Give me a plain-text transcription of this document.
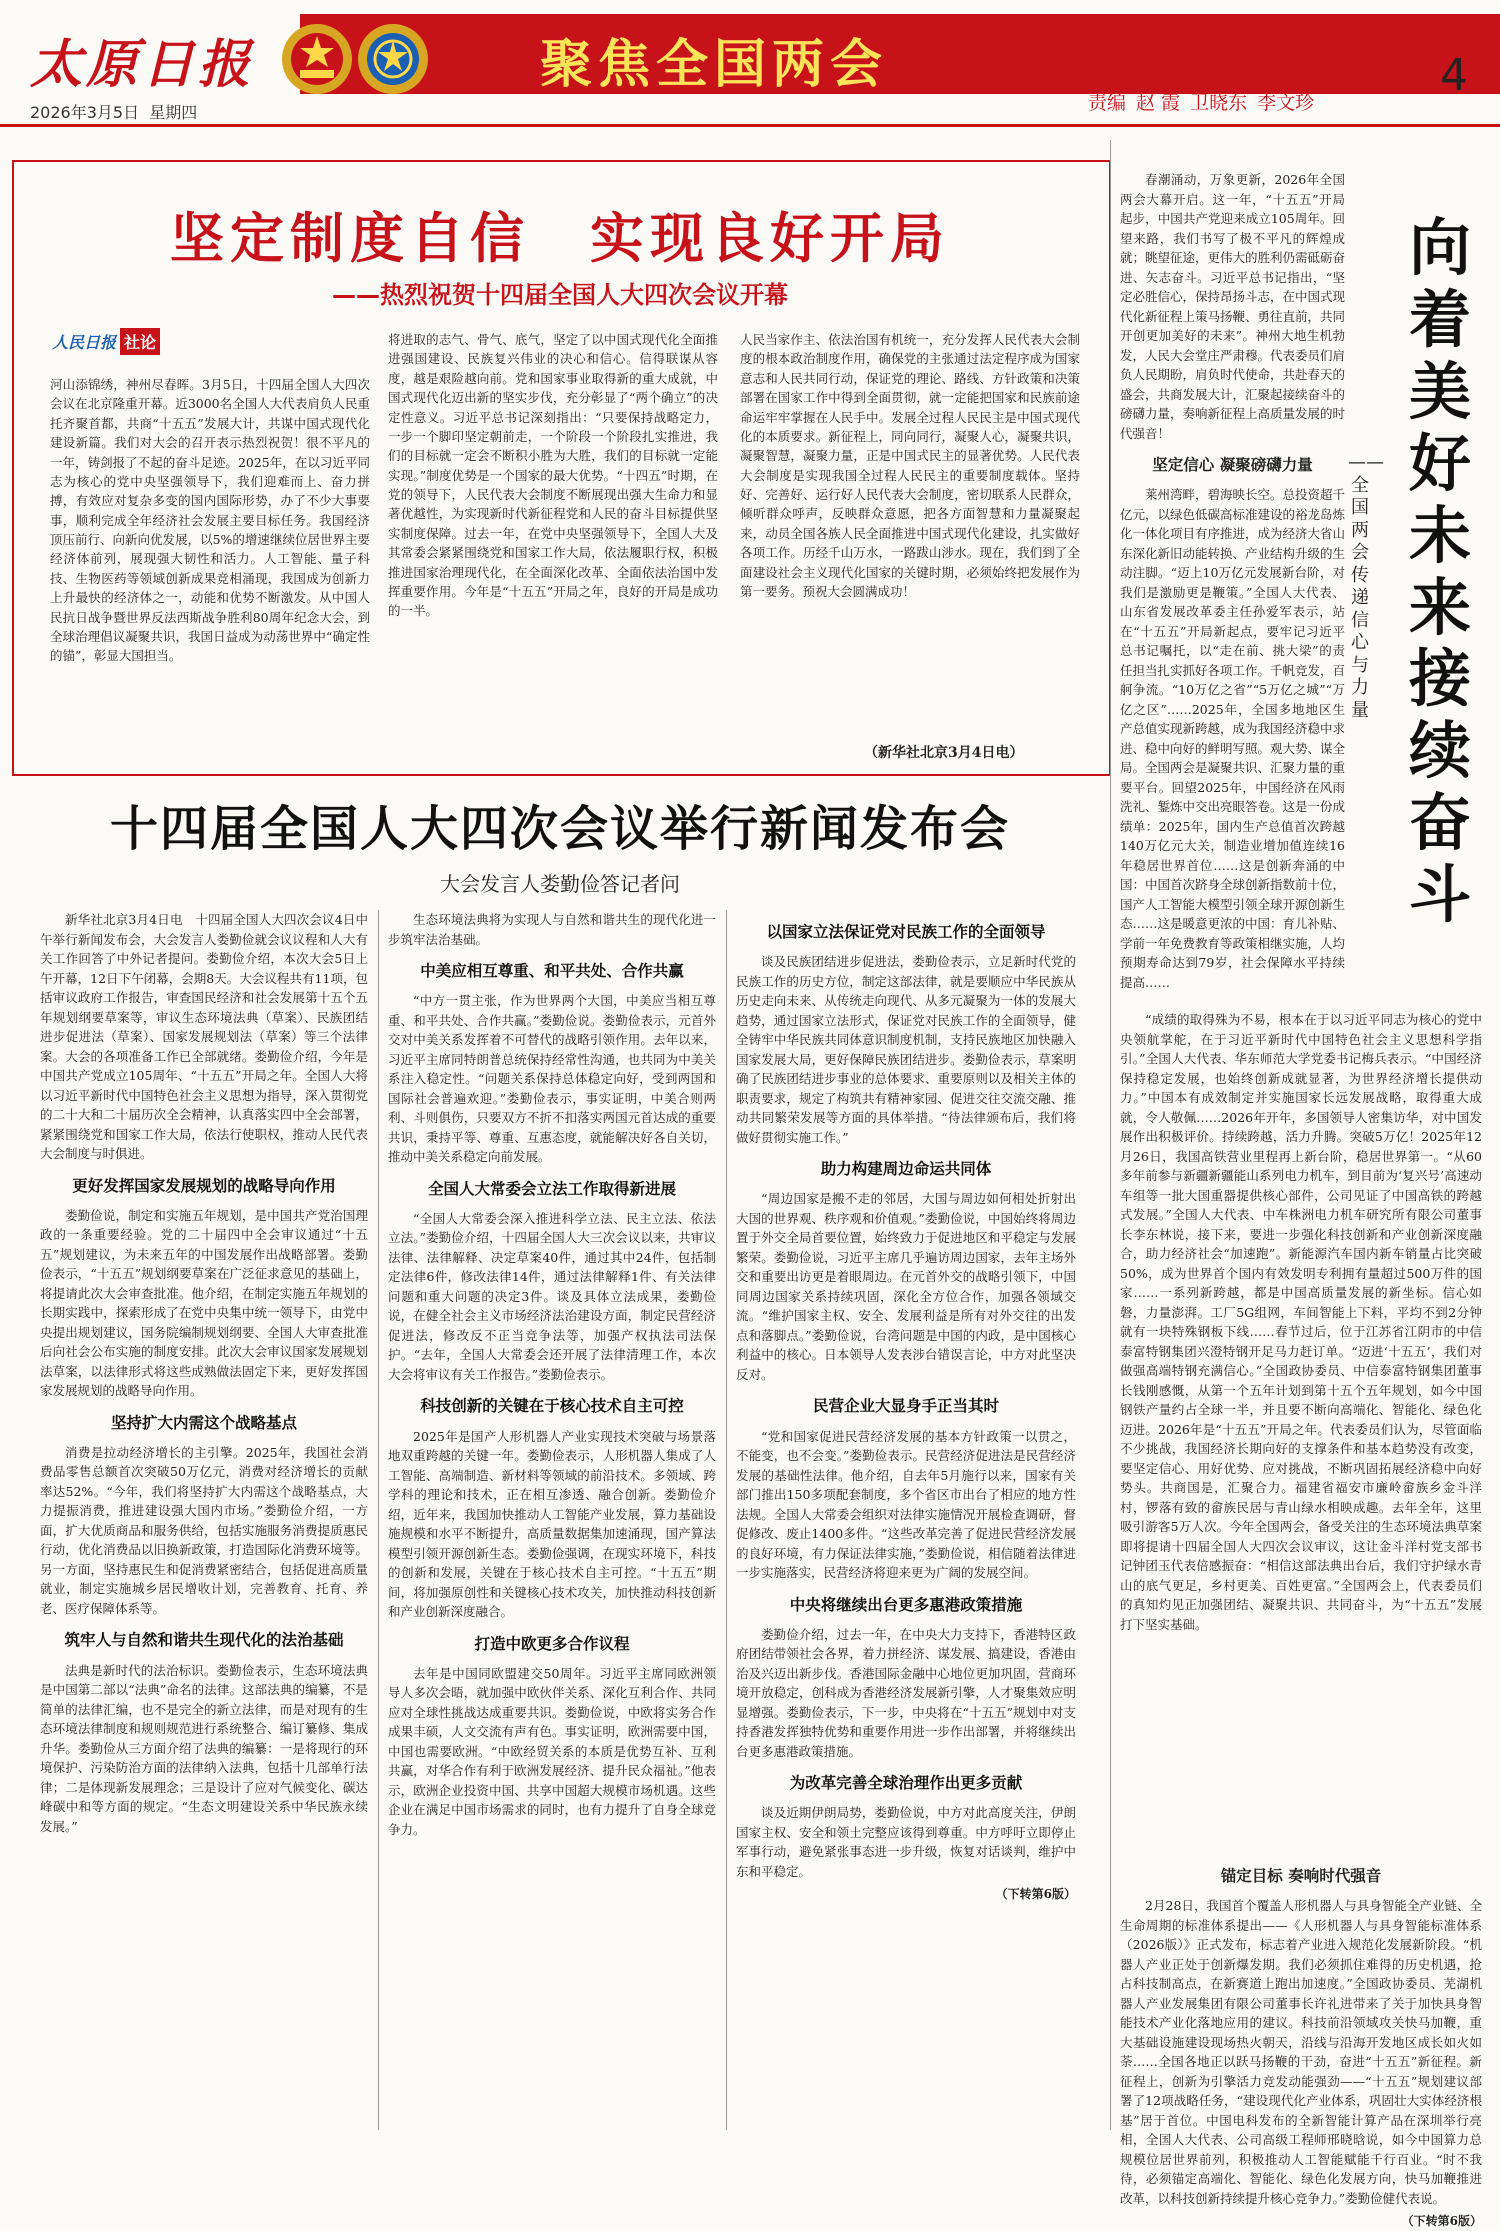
太原日报	聚焦全国两会
2026年3月5日 星期四	责编 赵 霞 卫晓东 李文珍
4
坚定制度自信　实现良好开局
——热烈祝贺十四届全国人大四次会议开幕
人民日报 社论
河山添锦绣，神州尽春晖。3月5日，十四届全国人大四次会议在北京隆重开幕。近3000名全国人大代表肩负人民重托齐聚首都，共商“十五五”发展大计，共谋中国式现代化建设新篇。我们对大会的召开表示热烈祝贺！很不平凡的一年，铸剑报了不起的奋斗足迹。2025年，在以习近平同志为核心的党中央坚强领导下，我们迎难而上、奋力拼搏，有效应对复杂多变的国内国际形势，办了不少大事要事，顺利完成全年经济社会发展主要目标任务。我国经济顶压前行、向新向优发展，以5%的增速继续位居世界主要经济体前列，展现强大韧性和活力。人工智能、量子科技、生物医药等领域创新成果竞相涌现，我国成为创新力上升最快的经济体之一，动能和优势不断激发。从中国人民抗日战争暨世界反法西斯战争胜利80周年纪念大会，到全球治理倡议凝聚共识，我国日益成为动荡世界中“确定性的锚”，彰显大国担当。
将进取的志气、骨气、底气，坚定了以中国式现代化全面推进强国建设、民族复兴伟业的决心和信心。信得联谋从容度，越是艰险越向前。党和国家事业取得新的重大成就，中国式现代化迈出新的坚实步伐，充分彰显了“两个确立”的决定性意义。习近平总书记深刻指出：“只要保持战略定力，一步一个脚印坚定朝前走，一个阶段一个阶段扎实推进，我们的目标就一定会不断积小胜为大胜，我们的目标就一定能实现。”制度优势是一个国家的最大优势。“十四五”时期，在党的领导下，人民代表大会制度不断展现出强大生命力和显著优越性，为实现新时代新征程党和人民的奋斗目标提供坚实制度保障。过去一年，在党中央坚强领导下，全国人大及其常委会紧紧围绕党和国家工作大局，依法履职行权，积极推进国家治理现代化，在全面深化改革、全面依法治国中发挥重要作用。今年是“十五五”开局之年，良好的开局是成功的一半。
人民当家作主、依法治国有机统一，充分发挥人民代表大会制度的根本政治制度作用，确保党的主张通过法定程序成为国家意志和人民共同行动，保证党的理论、路线、方针政策和决策部署在国家工作中得到全面贯彻，就一定能把国家和民族前途命运牢牢掌握在人民手中。发展全过程人民民主是中国式现代化的本质要求。新征程上，同向同行，凝聚人心，凝聚共识，凝聚智慧，凝聚力量，正是中国式民主的显著优势。人民代表大会制度是实现我国全过程人民民主的重要制度载体。坚持好、完善好、运行好人民代表大会制度，密切联系人民群众，倾听群众呼声，反映群众意愿，把各方面智慧和力量凝聚起来，动员全国各族人民全面推进中国式现代化建设，扎实做好各项工作。历经千山万水，一路跋山涉水。现在，我们到了全面建设社会主义现代化国家的关键时期，必须始终把发展作为第一要务。预祝大会圆满成功！
（新华社北京3月4日电）
十四届全国人大四次会议举行新闻发布会
大会发言人娄勤俭答记者问

新华社北京3月4日电　十四届全国人大四次会议4日中午举行新闻发布会，大会发言人娄勤俭就会议议程和人大有关工作回答了中外记者提问。娄勤俭介绍，本次大会5日上午开幕，12日下午闭幕，会期8天。大会议程共有11项，包括审议政府工作报告，审查国民经济和社会发展第十五个五年规划纲要草案等，审议生态环境法典（草案）、民族团结进步促进法（草案）、国家发展规划法（草案）等三个法律案。大会的各项准备工作已全部就绪。娄勤俭介绍，今年是中国共产党成立105周年、“十五五”开局之年。全国人大将以习近平新时代中国特色社会主义思想为指导，深入贯彻党的二十大和二十届历次全会精神，认真落实四中全会部署，紧紧围绕党和国家工作大局，依法行使职权，推动人民代表大会制度与时俱进。

更好发挥国家发展规划的战略导向作用

娄勤俭说，制定和实施五年规划，是中国共产党治国理政的一条重要经验。党的二十届四中全会审议通过“十五五”规划建议，为未来五年的中国发展作出战略部署。娄勤俭表示，“十五五”规划纲要草案在广泛征求意见的基础上，将提请此次大会审查批准。他介绍，在制定实施五年规划的长期实践中，探索形成了在党中央集中统一领导下，由党中央提出规划建议，国务院编制规划纲要、全国人大审查批准后向社会公布实施的制度安排。此次大会审议国家发展规划法草案，以法律形式将这些成熟做法固定下来，更好发挥国家发展规划的战略导向作用。

坚持扩大内需这个战略基点

消费是拉动经济增长的主引擎。2025年，我国社会消费品零售总额首次突破50万亿元，消费对经济增长的贡献率达52%。“今年，我们将坚持扩大内需这个战略基点，大力提振消费，推进建设强大国内市场。”娄勤俭介绍，一方面，扩大优质商品和服务供给，包括实施服务消费提质惠民行动，优化消费品以旧换新政策，打造国际化消费环境等。另一方面，坚持惠民生和促消费紧密结合，包括促进高质量就业，制定实施城乡居民增收计划，完善教育、托育、养老、医疗保障体系等。

筑牢人与自然和谐共生现代化的法治基础

法典是新时代的法治标识。娄勤俭表示，生态环境法典是中国第二部以“法典”命名的法律。这部法典的编纂，不是简单的法律汇编，也不是完全的新立法律，而是对现有的生态环境法律制度和规则规范进行系统整合、编订纂修、集成升华。娄勤俭从三方面介绍了法典的编纂：一是将现行的环境保护、污染防治方面的法律纳入法典，包括十几部单行法律；二是体现新发展理念；三是设计了应对气候变化、碳达峰碳中和等方面的规定。“生态文明建设关系中华民族永续发展。”

生态环境法典将为实现人与自然和谐共生的现代化进一步筑牢法治基础。

中美应相互尊重、和平共处、合作共赢

“中方一贯主张，作为世界两个大国，中美应当相互尊重、和平共处、合作共赢。”娄勤俭说。娄勤俭表示，元首外交对中美关系发挥着不可替代的战略引领作用。去年以来，习近平主席同特朗普总统保持经常性沟通，也共同为中美关系注入稳定性。“问题关系保持总体稳定向好，受到两国和国际社会普遍欢迎。”娄勤俭表示，事实证明，中美合则两利、斗则俱伤，只要双方不折不扣落实两国元首达成的重要共识，秉持平等、尊重、互惠态度，就能解决好各自关切，推动中美关系稳定向前发展。

全国人大常委会立法工作取得新进展

“全国人大常委会深入推进科学立法、民主立法、依法立法。”娄勤俭介绍，十四届全国人大三次会议以来，共审议法律、法律解释、决定草案40件，通过其中24件，包括制定法律6件，修改法律14件，通过法律解释1件、有关法律问题和重大问题的决定3件。谈及具体立法成果，娄勤俭说，在健全社会主义市场经济法治建设方面，制定民营经济促进法，修改反不正当竞争法等，加强产权执法司法保护。“去年，全国人大常委会还开展了法律清理工作，本次大会将审议有关工作报告。”娄勤俭表示。

科技创新的关键在于核心技术自主可控

2025年是国产人形机器人产业实现技术突破与场景落地双重跨越的关键一年。娄勤俭表示，人形机器人集成了人工智能、高端制造、新材料等领域的前沿技术。多领域、跨学科的理论和技术，正在相互渗透、融合创新。娄勤俭介绍，近年来，我国加快推动人工智能产业发展，算力基础设施规模和水平不断提升，高质量数据集加速涌现，国产算法模型引领开源创新生态。娄勤俭强调，在现实环境下，科技的创新和发展，关键在于核心技术自主可控。“十五五”期间，将加强原创性和关键核心技术攻关，加快推动科技创新和产业创新深度融合。

打造中欧更多合作议程

去年是中国同欧盟建交50周年。习近平主席同欧洲领导人多次会晤，就加强中欧伙伴关系、深化互利合作、共同应对全球性挑战达成重要共识。娄勤俭说，中欧将实务合作成果丰硕，人文交流有声有色。事实证明，欧洲需要中国，中国也需要欧洲。“中欧经贸关系的本质是优势互补、互利共赢，对华合作有利于欧洲发展经济、提升民众福祉。”他表示，欧洲企业投资中国、共享中国超大规模市场机遇。这些企业在满足中国市场需求的同时，也有力提升了自身全球竞争力。

以国家立法保证党对民族工作的全面领导

谈及民族团结进步促进法，娄勤俭表示，立足新时代党的民族工作的历史方位，制定这部法律，就是要顺应中华民族从历史走向未来、从传统走向现代、从多元凝聚为一体的发展大趋势，通过国家立法形式，保证党对民族工作的全面领导，健全铸牢中华民族共同体意识制度机制，支持民族地区加快融入国家发展大局，更好保障民族团结进步。娄勤俭表示，草案明确了民族团结进步事业的总体要求、重要原则以及相关主体的职责要求，规定了构筑共有精神家园、促进交往交流交融、推动共同繁荣发展等方面的具体举措。“待法律颁布后，我们将做好贯彻实施工作。”

助力构建周边命运共同体

“周边国家是搬不走的邻居，大国与周边如何相处折射出大国的世界观、秩序观和价值观。”娄勤俭说，中国始终将周边置于外交全局首要位置，始终致力于促进地区和平稳定与发展繁荣。娄勤俭说，习近平主席几乎遍访周边国家，去年主场外交和重要出访更是着眼周边。在元首外交的战略引领下，中国同周边国家关系持续巩固，深化全方位合作，加强各领域交流。“维护国家主权、安全、发展利益是所有对外交往的出发点和落脚点。”娄勤俭说，台湾问题是中国的内政，是中国核心利益中的核心。日本领导人发表涉台错误言论，中方对此坚决反对。

民营企业大显身手正当其时

“党和国家促进民营经济发展的基本方针政策一以贯之，不能变，也不会变。”娄勤俭表示。民营经济促进法是民营经济发展的基础性法律。他介绍，自去年5月施行以来，国家有关部门推出150多项配套制度，多个省区市出台了相应的地方性法规。全国人大常委会组织对法律实施情况开展检查调研，督促修改、废止1400多件。“这些改革完善了促进民营经济发展的良好环境，有力保证法律实施，”娄勤俭说，相信随着法律进一步实施落实，民营经济将迎来更为广阔的发展空间。

中央将继续出台更多惠港政策措施

娄勤俭介绍，过去一年，在中央大力支持下，香港特区政府团结带领社会各界，着力拼经济、谋发展、搞建设，香港由治及兴迈出新步伐。香港国际金融中心地位更加巩固，营商环境开放稳定，创科成为香港经济发展新引擎，人才聚集效应明显增强。娄勤俭表示，下一步，中央将在“十五五”规划中对支持香港发挥独特优势和重要作用进一步作出部署，并将继续出台更多惠港政策措施。

为改革完善全球治理作出更多贡献

谈及近期伊朗局势，娄勤俭说，中方对此高度关注，伊朗国家主权、安全和领土完整应该得到尊重。中方呼吁立即停止军事行动，避免紧张事态进一步升级，恢复对话谈判，维护中东和平稳定。

（下转第6版）
向
着
美
好
未
来
接
续
奋
斗
——全国两会传递信心与力量

春潮涌动，万象更新，2026年全国两会大幕开启。这一年，“十五五”开局起步，中国共产党迎来成立105周年。回望来路，我们书写了极不平凡的辉煌成就；眺望征途，更伟大的胜利仍需砥砺奋进、矢志奋斗。习近平总书记指出，“坚定必胜信心，保持昂扬斗志，在中国式现代化新征程上策马扬鞭、勇往直前，共同开创更加美好的未来”。神州大地生机勃发，人民大会堂庄严肃穆。代表委员们肩负人民期盼，肩负时代使命，共赴春天的盛会，共商发展大计，汇聚起接续奋斗的磅礴力量，奏响新征程上高质量发展的时代强音！

坚定信心 凝聚磅礴力量

莱州湾畔，碧海映长空。总投资超千亿元，以绿色低碳高标准建设的裕龙岛炼化一体化项目有序推进，成为经济大省山东深化新旧动能转换、产业结构升级的生动注脚。“迈上10万亿元发展新台阶，对我们是激励更是鞭策。”全国人大代表、山东省发展改革委主任孙爱军表示，站在“十五五”开局新起点，要牢记习近平总书记嘱托，以“走在前、挑大梁”的责任担当扎实抓好各项工作。千帆竞发，百舸争流。“10万亿之省”“5万亿之城”“万亿之区”……2025年，全国多地地区生产总值实现新跨越，成为我国经济稳中求进、稳中向好的鲜明写照。观大势、谋全局。全国两会是凝聚共识、汇聚力量的重要平台。回望2025年，中国经济在风雨洗礼、錾炼中交出亮眼答卷。这是一份成绩单：2025年，国内生产总值首次跨越140万亿元大关，制造业增加值连续16年稳居世界首位……这是创新奔涌的中国：中国首次跻身全球创新指数前十位，国产人工智能大模型引领全球开源创新生态……这是暖意更浓的中国：育儿补贴、学前一年免费教育等政策相继实施，人均预期寿命达到79岁，社会保障水平持续提高……

“成绩的取得殊为不易，根本在于以习近平同志为核心的党中央领航掌舵，在于习近平新时代中国特色社会主义思想科学指引。”全国人大代表、华东师范大学党委书记梅兵表示。“中国经济保持稳定发展，也始终创新成就显著，为世界经济增长提供动力。”中国本有成效制定并实施国家长远发展战略，取得重大成就，令人敬佩……2026年开年，多国领导人密集访华，对中国发展作出积极评价。持续跨越，活力升腾。突破5万亿！2025年12月26日，我国高铁营业里程再上新台阶，稳居世界第一。“从60多年前参与新疆新疆能山系列电力机车，到目前为‘复兴号’高速动车组等一批大国重器提供核心部件，公司见证了中国高铁的跨越式发展。”全国人大代表、中车株洲电力机车研究所有限公司董事长李东林说，接下来，要进一步强化科技创新和产业创新深度融合，助力经济社会“加速跑”。新能源汽车国内新车销量占比突破50%，成为世界首个国内有效发明专利拥有量超过500万件的国家……一系列新跨越，都是中国高质量发展的新坐标。信心如磐，力量澎湃。工厂5G组网，车间智能上下料，平均不到2分钟就有一块特殊钢板下线……春节过后，位于江苏省江阴市的中信泰富特钢集团兴澄特钢开足马力赶订单。“迈进‘十五五’，我们对做强高端特钢充满信心。”全国政协委员、中信泰富特钢集团董事长钱刚感慨，从第一个五年计划到第十五个五年规划，如今中国钢铁产量约占全球一半，并且要不断向高端化、智能化、绿色化迈进。2026年是“十五五”开局之年。代表委员们认为，尽管面临不少挑战，我国经济长期向好的支撑条件和基本趋势没有改变，要坚定信心、用好优势、应对挑战，不断巩固拓展经济稳中向好势头。共商国是，汇聚合力。福建省福安市廉岭畲族乡金斗洋村，锣落有致的畲族民居与青山绿水相映成趣。去年全年，这里吸引游客5万人次。今年全国两会，备受关注的生态环境法典草案即将提请十四届全国人大四次会议审议，这让金斗洋村党支部书记钟团玉代表倍感振奋：“相信这部法典出台后，我们守护绿水青山的底气更足，乡村更美、百姓更富。”全国两会上，代表委员们的真知灼见正加强团结、凝聚共识、共同奋斗，为“十五五”发展打下坚实基础。

锚定目标 奏响时代强音

2月28日，我国首个覆盖人形机器人与具身智能全产业链、全生命周期的标准体系提出——《人形机器人与具身智能标准体系（2026版）》正式发布，标志着产业进入规范化发展新阶段。“机器人产业正处于创新爆发期。我们必须抓住难得的历史机遇，抢占科技制高点，在新赛道上跑出加速度。”全国政协委员、芜湖机器人产业发展集团有限公司董事长许礼进带来了关于加快具身智能技术产业化落地应用的建议。科技前沿领域攻关快马加鞭，重大基础设施建设现场热火朝天，沿线与沿海开发地区成长如火如荼……全国各地正以跃马扬鞭的干劲，奋进“十五五”新征程。新征程上，创新为引擎活力竞发动能强劲——“十五五”规划建议部署了12项战略任务，“建设现代化产业体系，巩固壮大实体经济根基”居于首位。中国电科发布的全新智能计算产品在深圳举行亮相，全国人大代表、公司高级工程师邢晓晗说，如今中国算力总规模位居世界前列，积极推动人工智能赋能千行百业。“时不我待，必须锚定高端化、智能化、绿色化发展方向，快马加鞭推进改革，以科技创新持续提升核心竞争力。”娄勤俭健代表说。

（下转第6版）
